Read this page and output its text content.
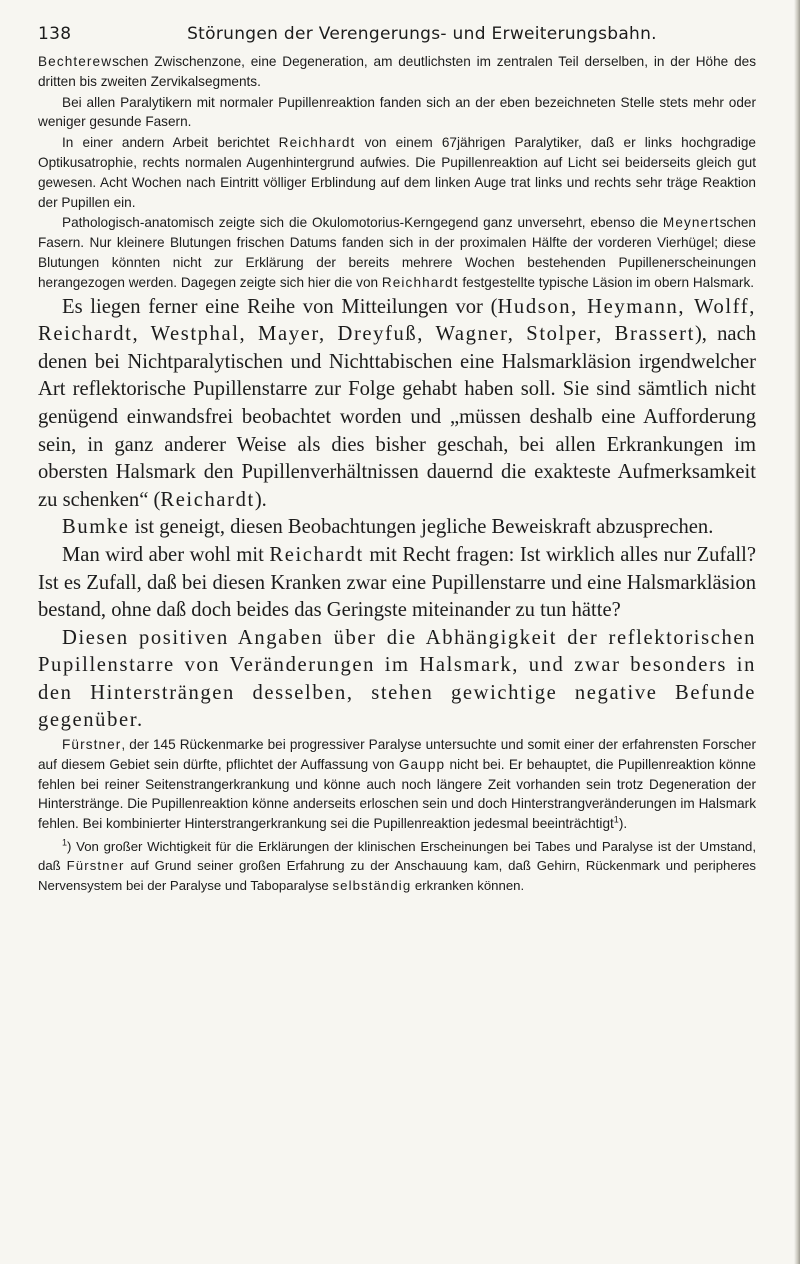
138	Störungen der Verengerungs- und Erweiterungsbahn.

Bechterewschen Zwischenzone, eine Degeneration, am deutlichsten im zentralen Teil derselben, in der Höhe des dritten bis zweiten Zervikalsegments.

Bei allen Paralytikern mit normaler Pupillenreaktion fanden sich an der eben bezeichneten Stelle stets mehr oder weniger gesunde Fasern.

In einer andern Arbeit berichtet Reichhardt von einem 67jährigen Paralytiker, daß er links hochgradige Optikusatrophie, rechts normalen Augenhintergrund aufwies. Die Pupillenreaktion auf Licht sei beiderseits gleich gut gewesen. Acht Wochen nach Eintritt völliger Erblindung auf dem linken Auge trat links und rechts sehr träge Reaktion der Pupillen ein.

Pathologisch-anatomisch zeigte sich die Okulomotorius-Kerngegend ganz unversehrt, ebenso die Meynertschen Fasern. Nur kleinere Blutungen frischen Datums fanden sich in der proximalen Hälfte der vorderen Vierhügel; diese Blutungen könnten nicht zur Erklärung der bereits mehrere Wochen bestehenden Pupillenerscheinungen herangezogen werden. Dagegen zeigte sich hier die von Reichhardt festgestellte typische Läsion im obern Halsmark.

Es liegen ferner eine Reihe von Mitteilungen vor (Hudson, Heymann, Wolff, Reichardt, Westphal, Mayer, Dreyfuß, Wagner, Stolper, Brassert), nach denen bei Nichtparalytischen und Nichttabischen eine Halsmarkläsion irgendwelcher Art reflektorische Pupillenstarre zur Folge gehabt haben soll. Sie sind sämtlich nicht genügend einwandsfrei beobachtet worden und „müssen deshalb eine Aufforderung sein, in ganz anderer Weise als dies bisher geschah, bei allen Erkrankungen im obersten Halsmark den Pupillenverhältnissen dauernd die exakteste Aufmerksamkeit zu schenken“ (Reichardt).

Bumke ist geneigt, diesen Beobachtungen jegliche Beweiskraft abzusprechen.

Man wird aber wohl mit Reichardt mit Recht fragen: Ist wirklich alles nur Zufall? Ist es Zufall, daß bei diesen Kranken zwar eine Pupillenstarre und eine Halsmarkläsion bestand, ohne daß doch beides das Geringste miteinander zu tun hätte?

Diesen positiven Angaben über die Abhängigkeit der reflektorischen Pupillenstarre von Veränderungen im Halsmark, und zwar besonders in den Hintersträngen desselben, stehen gewichtige negative Befunde gegenüber.

Fürstner, der 145 Rückenmarke bei progressiver Paralyse untersuchte und somit einer der erfahrensten Forscher auf diesem Gebiet sein dürfte, pflichtet der Auffassung von Gaupp nicht bei. Er behauptet, die Pupillenreaktion könne fehlen bei reiner Seitenstrangerkrankung und könne auch noch längere Zeit vorhanden sein trotz Degeneration der Hinterstränge. Die Pupillenreaktion könne anderseits erloschen sein und doch Hinterstrangveränderungen im Halsmark fehlen. Bei kombinierter Hinterstrangerkrankung sei die Pupillenreaktion jedesmal beeinträchtigt$^1$).

$^1$) Von großer Wichtigkeit für die Erklärungen der klinischen Erscheinungen bei Tabes und Paralyse ist der Umstand, daß Fürstner auf Grund seiner großen Erfahrung zu der Anschauung kam, daß Gehirn, Rückenmark und peripheres Nervensystem bei der Paralyse und Taboparalyse selbständig erkranken können.
